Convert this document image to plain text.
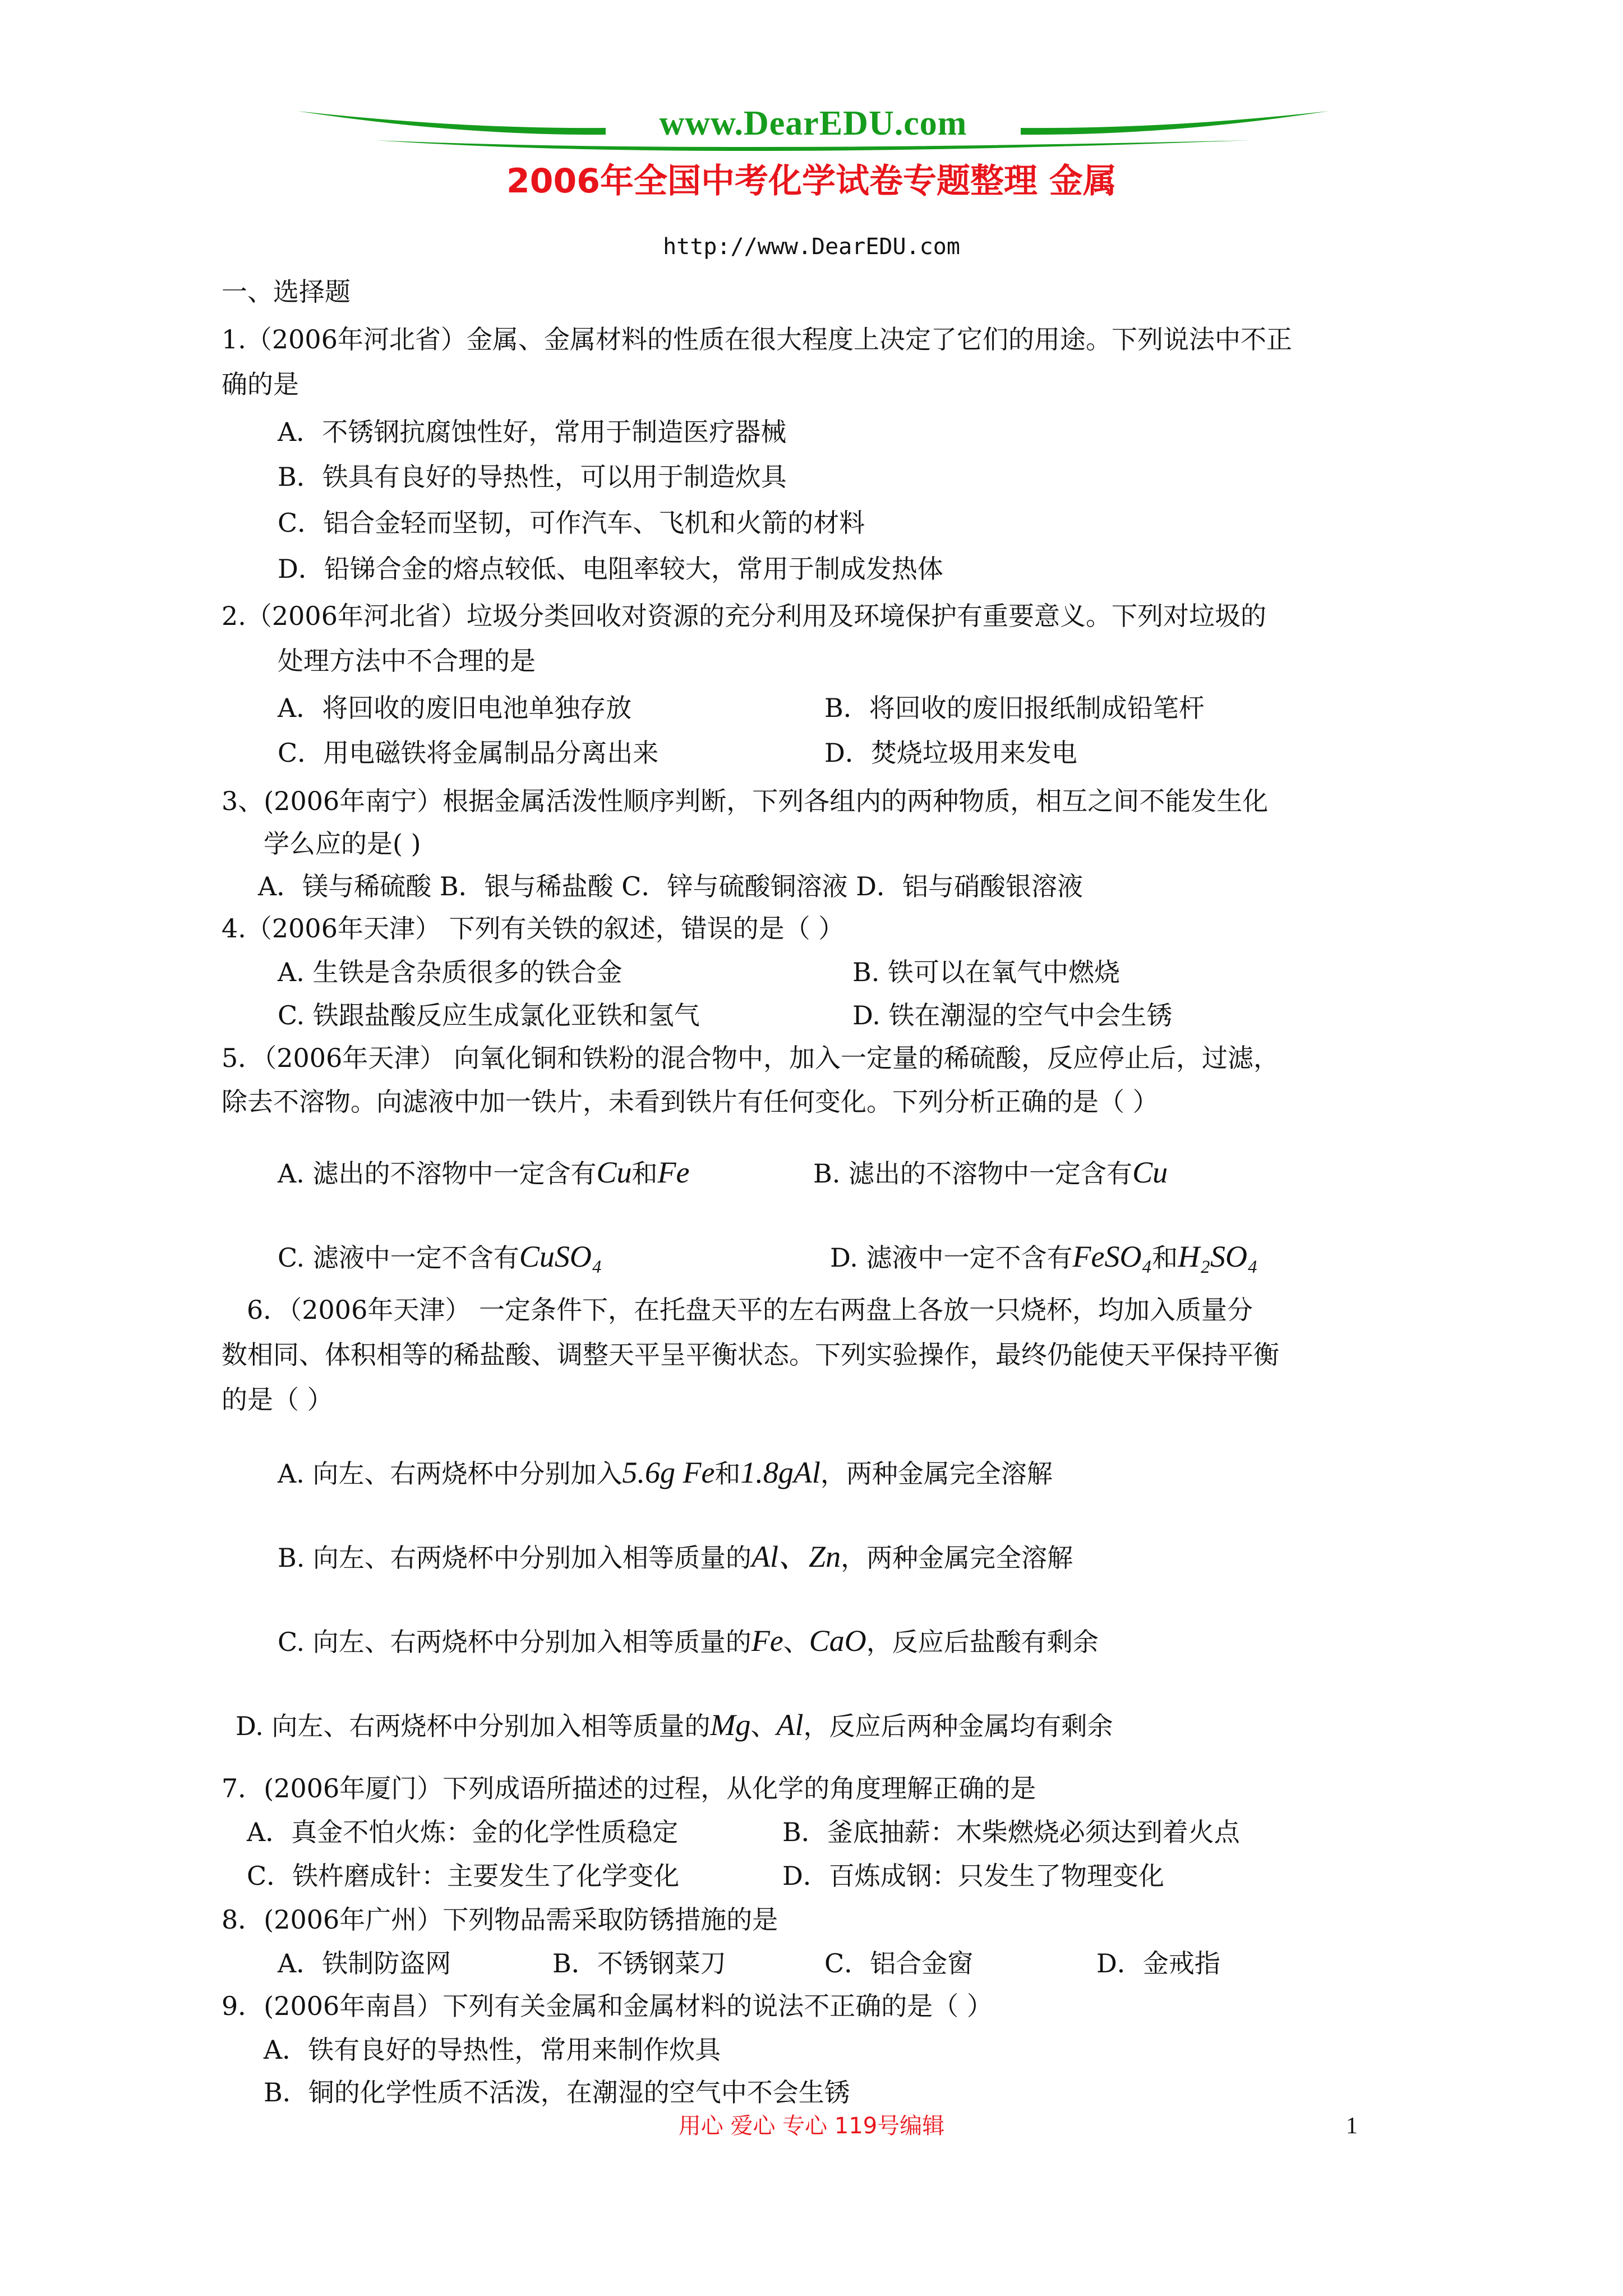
www.DearEDU.com
2006年全国中考化学试卷专题整理 金属
http://www.DearEDU.com
一、选择题
1.（2006年河北省）金属、金属材料的性质在很大程度上决定了它们的用途。下列说法中不正
确的是
A．不锈钢抗腐蚀性好，常用于制造医疗器械
B．铁具有良好的导热性，可以用于制造炊具
C．铝合金轻而坚韧，可作汽车、飞机和火箭的材料
D．铅锑合金的熔点较低、电阻率较大，常用于制成发热体
2.（2006年河北省）垃圾分类回收对资源的充分利用及环境保护有重要意义。下列对垃圾的
处理方法中不合理的是
A．将回收的废旧电池单独存放	B．将回收的废旧报纸制成铅笔杆
C．用电磁铁将金属制品分离出来	D．焚烧垃圾用来发电
3、(2006年南宁）根据金属活泼性顺序判断，下列各组内的两种物质，相互之间不能发生化
学么应的是( )
A．镁与稀硫酸 B．银与稀盐酸 C．锌与硫酸铜溶液 D．铝与硝酸银溶液
4.（2006年天津） 下列有关铁的叙述，错误的是（ ）
A. 生铁是含杂质很多的铁合金	B. 铁可以在氧气中燃烧
C. 铁跟盐酸反应生成氯化亚铁和氢气	D. 铁在潮湿的空气中会生锈
5．（2006年天津） 向氧化铜和铁粉的混合物中，加入一定量的稀硫酸，反应停止后，过滤，
除去不溶物。向滤液中加一铁片，未看到铁片有任何变化。下列分析正确的是（ ）
A. 滤出的不溶物中一定含有Cu和Fe	B. 滤出的不溶物中一定含有Cu
C. 滤液中一定不含有CuSO₄	D. 滤液中一定不含有FeSO₄和H₂SO₄
6．（2006年天津） 一定条件下，在托盘天平的左右两盘上各放一只烧杯，均加入质量分
数相同、体积相等的稀盐酸、调整天平呈平衡状态。下列实验操作，最终仍能使天平保持平衡
的是（ ）
A. 向左、右两烧杯中分别加入5.6g Fe和1.8gAl，两种金属完全溶解
B. 向左、右两烧杯中分别加入相等质量的Al、Zn，两种金属完全溶解
C. 向左、右两烧杯中分别加入相等质量的Fe、CaO，反应后盐酸有剩余
D. 向左、右两烧杯中分别加入相等质量的Mg、Al，反应后两种金属均有剩余
7．(2006年厦门）下列成语所描述的过程，从化学的角度理解正确的是
A．真金不怕火炼：金的化学性质稳定	B．釜底抽薪：木柴燃烧必须达到着火点
C．铁杵磨成针：主要发生了化学变化	D．百炼成钢：只发生了物理变化
8．(2006年广州）下列物品需采取防锈措施的是
A．铁制防盗网	B．不锈钢菜刀	C．铝合金窗	D．金戒指
9．(2006年南昌）下列有关金属和金属材料的说法不正确的是（ ）
A．铁有良好的导热性，常用来制作炊具
B．铜的化学性质不活泼，在潮湿的空气中不会生锈
用心 爱心 专心 119号编辑	1
